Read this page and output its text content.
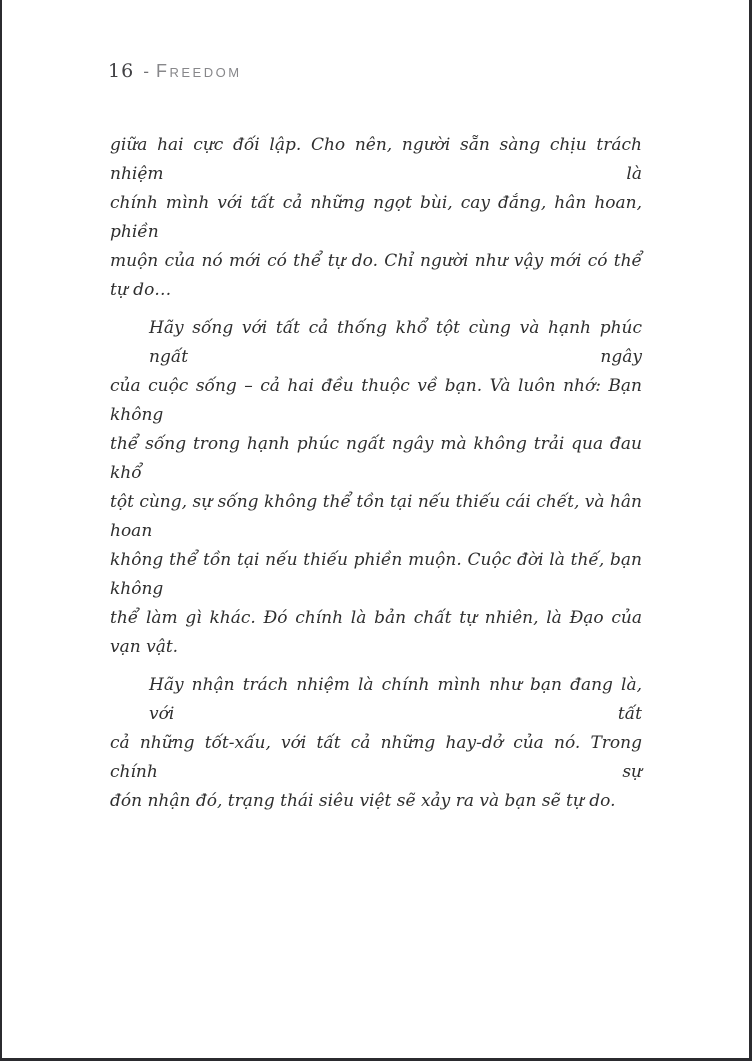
16 - Freedom
giữa hai cực đối lập. Cho nên, người sẵn sàng chịu trách nhiệm là
chính mình với tất cả những ngọt bùi, cay đắng, hân hoan, phiền
muộn của nó mới có thể tự do. Chỉ người như vậy mới có thể tự do…
Hãy sống với tất cả thống khổ tột cùng và hạnh phúc ngất ngây
của cuộc sống – cả hai đều thuộc về bạn. Và luôn nhớ: Bạn không
thể sống trong hạnh phúc ngất ngây mà không trải qua đau khổ
tột cùng, sự sống không thể tồn tại nếu thiếu cái chết, và hân hoan
không thể tồn tại nếu thiếu phiền muộn. Cuộc đời là thế, bạn không
thể làm gì khác. Đó chính là bản chất tự nhiên, là Đạo của vạn vật.
Hãy nhận trách nhiệm là chính mình như bạn đang là, với tất
cả những tốt-xấu, với tất cả những hay-dở của nó. Trong chính sự
đón nhận đó, trạng thái siêu việt sẽ xảy ra và bạn sẽ tự do.
